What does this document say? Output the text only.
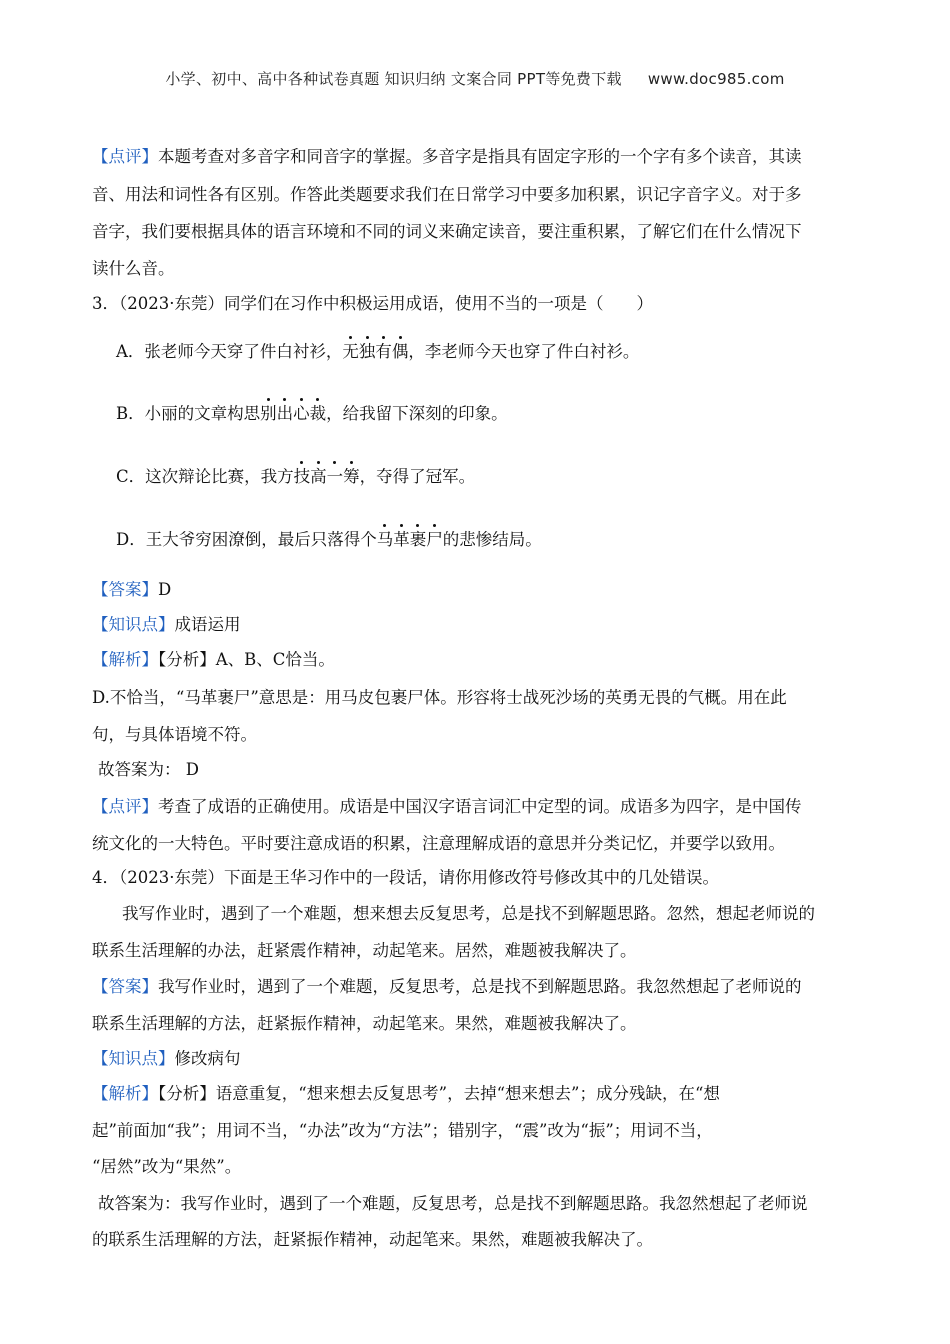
小学、初中、高中各种试卷真题 知识归纳 文案合同 PPT等免费下载 www.doc985.com
【点评】本题考查对多音字和同音字的掌握。多音字是指具有固定字形的一个字有多个读音，其读
音、用法和词性各有区别。作答此类题要求我们在日常学习中要多加积累，识记字音字义。对于多
音字，我们要根据具体的语言环境和不同的词义来确定读音，要注重积累，了解它们在什么情况下
读什么音。
3．（2023·东莞）同学们在习作中积极运用成语，使用不当的一项是（　　）
A．张老师今天穿了件白衬衫，无独有偶，李老师今天也穿了件白衬衫。
B．小丽的文章构思别出心裁，给我留下深刻的印象。
C．这次辩论比赛，我方技高一筹，夺得了冠军。
D．王大爷穷困潦倒，最后只落得个马革裹尸的悲惨结局。
【答案】D
【知识点】成语运用
【解析】【分析】A、B、C恰当。
D.不恰当，“马革裹尸”意思是：用马皮包裹尸体。形容将士战死沙场的英勇无畏的气概。用在此
句，与具体语境不符。
故答案为： D
【点评】考查了成语的正确使用。成语是中国汉字语言词汇中定型的词。成语多为四字，是中国传
统文化的一大特色。平时要注意成语的积累，注意理解成语的意思并分类记忆，并要学以致用。
4．（2023·东莞）下面是王华习作中的一段话，请你用修改符号修改其中的几处错误。
我写作业时，遇到了一个难题，想来想去反复思考，总是找不到解题思路。忽然，想起老师说的
联系生活理解的办法，赶紧震作精神，动起笔来。居然，难题被我解决了。
【答案】我写作业时，遇到了一个难题，反复思考，总是找不到解题思路。我忽然想起了老师说的
联系生活理解的方法，赶紧振作精神，动起笔来。果然，难题被我解决了。
【知识点】修改病句
【解析】【分析】语意重复，“想来想去反复思考”，去掉“想来想去”；成分残缺，在“想
起”前面加“我”；用词不当，“办法”改为“方法”；错别字，“震”改为“振”；用词不当，
“居然”改为“果然”。
故答案为：我写作业时，遇到了一个难题，反复思考，总是找不到解题思路。我忽然想起了老师说
的联系生活理解的方法，赶紧振作精神，动起笔来。果然，难题被我解决了。
